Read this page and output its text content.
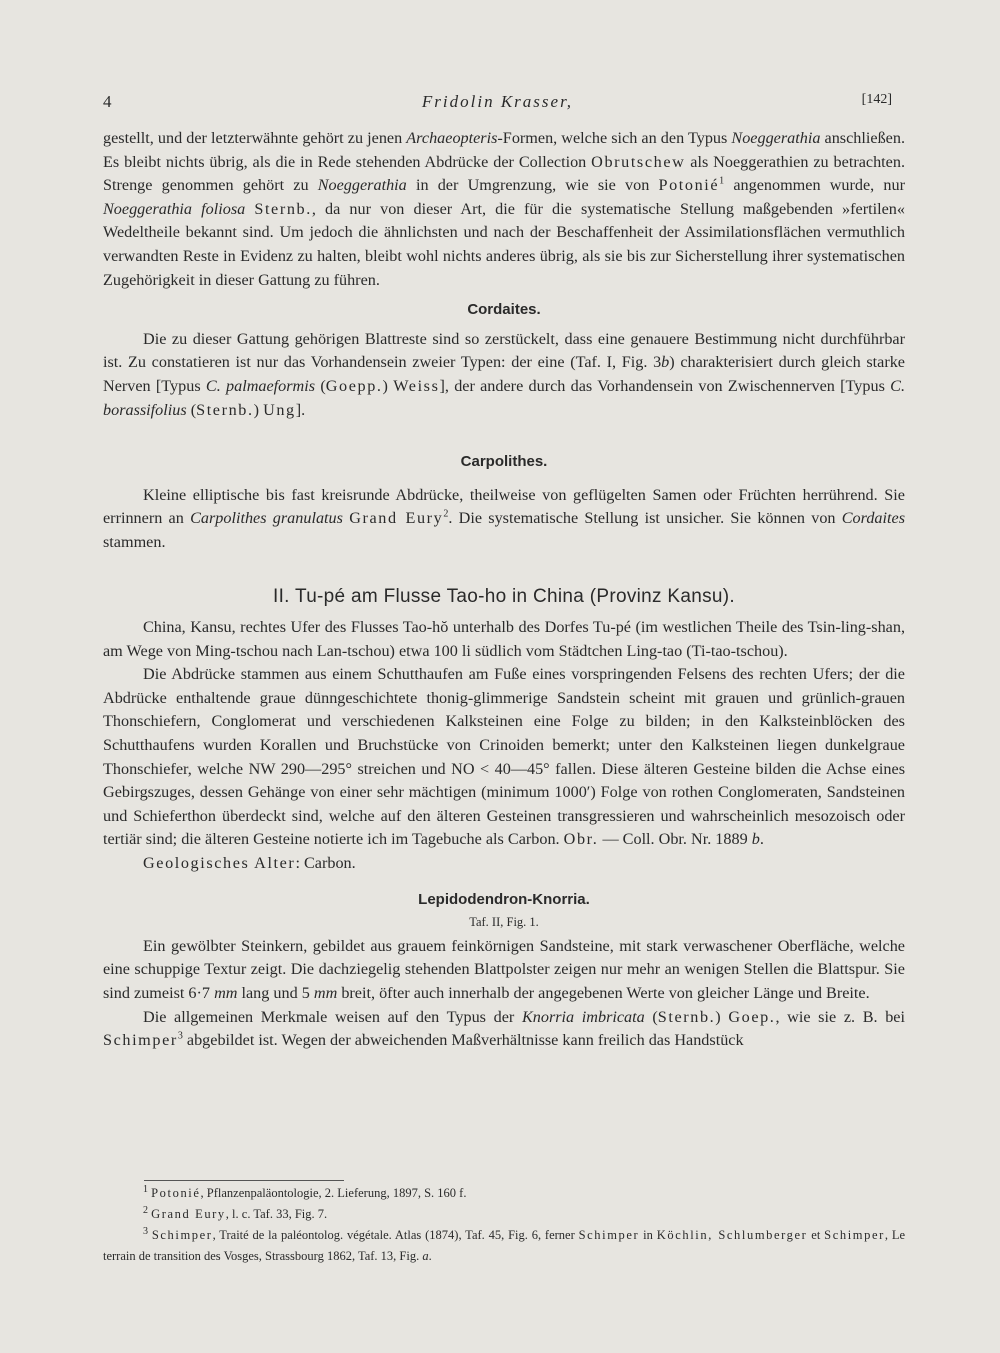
4	Fridolin Krasser,	[142]

gestellt, und der letzterwähnte gehört zu jenen Archaeopteris-Formen, welche sich an den Typus Noeggerathia anschließen. Es bleibt nichts übrig, als die in Rede stehenden Abdrücke der Collection Obrutschew als Noeggerathien zu betrachten. Strenge genommen gehört zu Noeggerathia in der Umgrenzung, wie sie von Potonié$^1$ angenommen wurde, nur Noeggerathia foliosa Sternb., da nur von dieser Art, die für die systematische Stellung maßgebenden »fertilen« Wedeltheile bekannt sind. Um jedoch die ähnlichsten und nach der Beschaffenheit der Assimilationsflächen vermuthlich verwandten Reste in Evidenz zu halten, bleibt wohl nichts anderes übrig, als sie bis zur Sicherstellung ihrer systematischen Zugehörigkeit in dieser Gattung zu führen.

Cordaites.

Die zu dieser Gattung gehörigen Blattreste sind so zerstückelt, dass eine genauere Bestimmung nicht durchführbar ist. Zu constatieren ist nur das Vorhandensein zweier Typen: der eine (Taf. I, Fig. 3b) charakterisiert durch gleich starke Nerven [Typus C. palmaeformis (Goepp.) Weiss], der andere durch das Vorhandensein von Zwischennerven [Typus C. borassifolius (Sternb.) Ung].

Carpolithes.

Kleine elliptische bis fast kreisrunde Abdrücke, theilweise von geflügelten Samen oder Früchten herrührend. Sie errinnern an Carpolithes granulatus Grand Eury$^2$. Die systematische Stellung ist unsicher. Sie können von Cordaites stammen.

II. Tu-pé am Flusse Tao-ho in China (Provinz Kansu).

China, Kansu, rechtes Ufer des Flusses Tao-hŏ unterhalb des Dorfes Tu-pé (im westlichen Theile des Tsin-ling-shan, am Wege von Ming-tschou nach Lan-tschou) etwa 100 li südlich vom Städtchen Ling-tao (Ti-tao-tschou).

Die Abdrücke stammen aus einem Schutthaufen am Fuße eines vorspringenden Felsens des rechten Ufers; der die Abdrücke enthaltende graue dünngeschichtete thonig-glimmerige Sandstein scheint mit grauen und grünlich-grauen Thonschiefern, Conglomerat und verschiedenen Kalksteinen eine Folge zu bilden; in den Kalksteinblöcken des Schutthaufens wurden Korallen und Bruchstücke von Crinoiden bemerkt; unter den Kalksteinen liegen dunkelgraue Thonschiefer, welche NW 290—295° streichen und NO < 40—45° fallen. Diese älteren Gesteine bilden die Achse eines Gebirgszuges, dessen Gehänge von einer sehr mächtigen (minimum 1000′) Folge von rothen Conglomeraten, Sandsteinen und Schieferthon überdeckt sind, welche auf den älteren Gesteinen transgressieren und wahrscheinlich mesozoisch oder tertiär sind; die älteren Gesteine notierte ich im Tagebuche als Carbon. Obr. — Coll. Obr. Nr. 1889 b.

Geologisches Alter: Carbon.

Lepidodendron-Knorria.

Taf. II, Fig. 1.

Ein gewölbter Steinkern, gebildet aus grauem feinkörnigen Sandsteine, mit stark verwaschener Oberfläche, welche eine schuppige Textur zeigt. Die dachziegelig stehenden Blattpolster zeigen nur mehr an wenigen Stellen die Blattspur. Sie sind zumeist 6·7 mm lang und 5 mm breit, öfter auch innerhalb der angegebenen Werte von gleicher Länge und Breite.

Die allgemeinen Merkmale weisen auf den Typus der Knorria imbricata (Sternb.) Goep., wie sie z. B. bei Schimper$^3$ abgebildet ist. Wegen der abweichenden Maßverhältnisse kann freilich das Handstück

$^1$ Potonié, Pflanzenpaläontologie, 2. Lieferung, 1897, S. 160 f.

$^2$ Grand Eury, l. c. Taf. 33, Fig. 7.

$^3$ Schimper, Traité de la paléontolog. végétale. Atlas (1874), Taf. 45, Fig. 6, ferner Schimper in Köchlin, Schlumberger et Schimper, Le terrain de transition des Vosges, Strassbourg 1862, Taf. 13, Fig. a.
